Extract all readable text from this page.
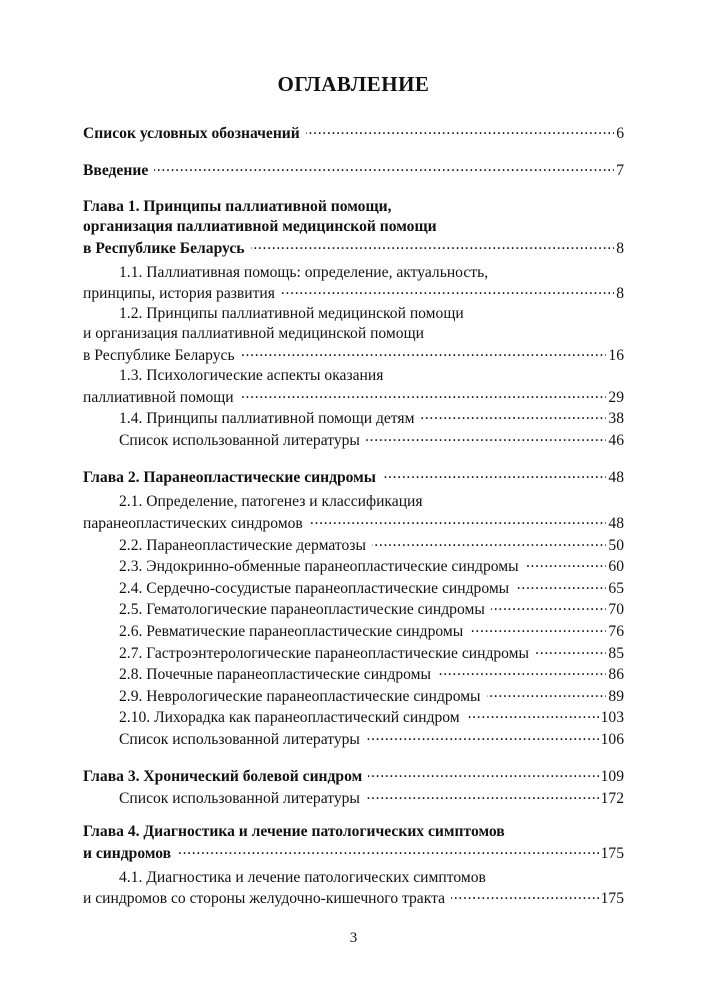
ОГЛАВЛЕНИЕ
Список условных обозначений . . .	6
Введение . . .	7
Глава 1. Принципы паллиативной помощи,
организация паллиативной медицинской помощи
в Республике Беларусь . . .	8
1.1. Паллиативная помощь: определение, актуальность,
принципы, история развития . . .	8
1.2. Принципы паллиативной медицинской помощи
и организация паллиативной медицинской помощи
в Республике Беларусь . . .	16
1.3. Психологические аспекты оказания
паллиативной помощи . . .	29
1.4. Принципы паллиативной помощи детям . . .	38
Список использованной литературы . . .	46
Глава 2. Паранеопластические синдромы . . .	48
2.1. Определение, патогенез и классификация
паранеопластических синдромов . . .	48
2.2. Паранеопластические дерматозы . . .	50
2.3. Эндокринно-обменные паранеопластические синдромы . . .	60
2.4. Сердечно-сосудистые паранеопластические синдромы . . .	65
2.5. Гематологические паранеопластические синдромы . . .	70
2.6. Ревматические паранеопластические синдромы . . .	76
2.7. Гастроэнтерологические паранеопластические синдромы . . .	85
2.8. Почечные паранеопластические синдромы . . .	86
2.9. Неврологические паранеопластические синдромы . . .	89
2.10. Лихорадка как паранеопластический синдром . . .	103
Список использованной литературы . . .	106
Глава 3. Хронический болевой синдром . . .	109
Список использованной литературы . . .	172
Глава 4. Диагностика и лечение патологических симптомов
и синдромов . . .	175
4.1. Диагностика и лечение патологических симптомов
и синдромов со стороны желудочно-кишечного тракта . . .	175
3
